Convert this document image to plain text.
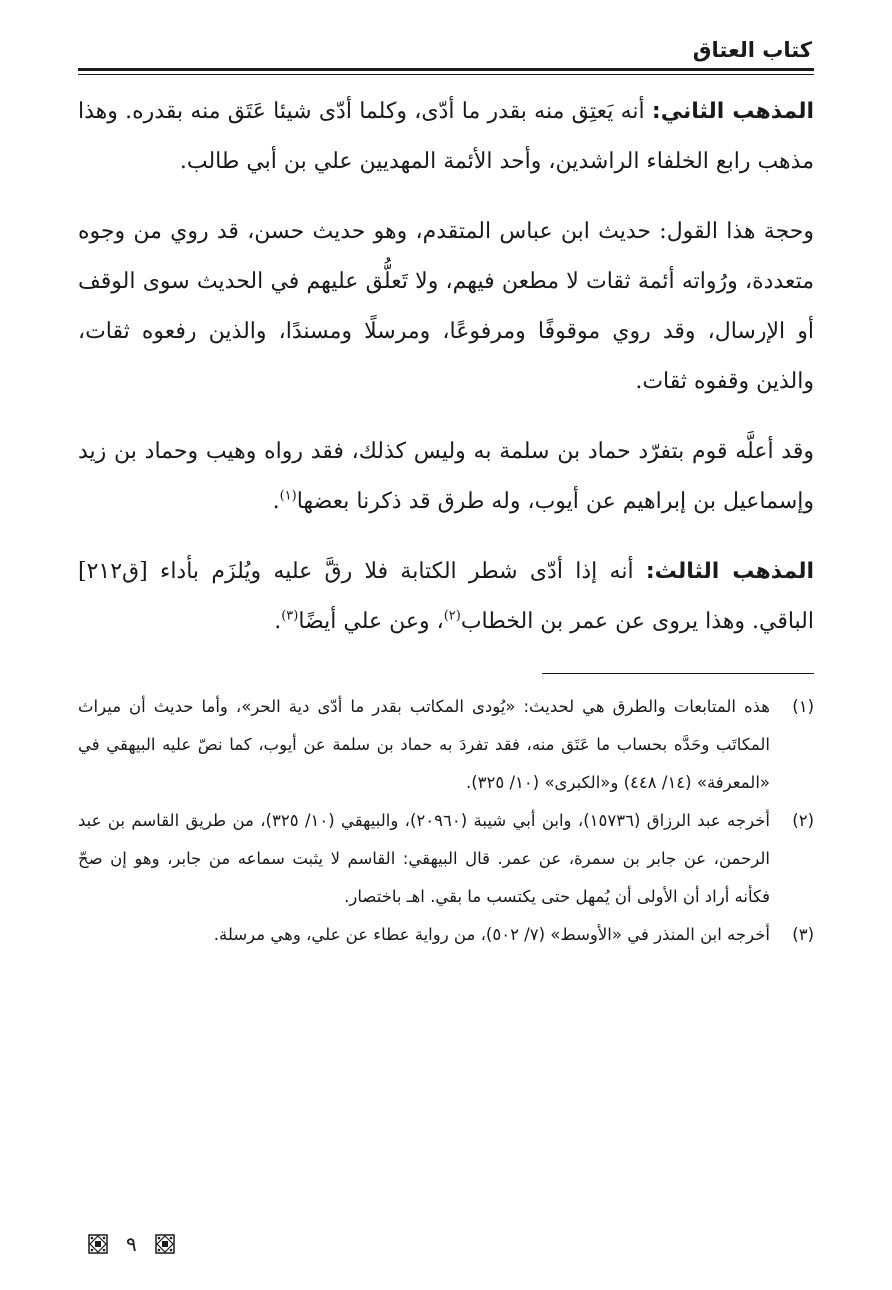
كتاب العتاق

المذهب الثاني: أنه يَعتِق منه بقدر ما أدّى، وكلما أدّى شيئا عَتَق منه بقدره. وهذا مذهب رابع الخلفاء الراشدين، وأحد الأئمة المهديين علي بن أبي طالب.

وحجة هذا القول: حديث ابن عباس المتقدم، وهو حديث حسن، قد روي من وجوه متعددة، ورُواته أئمة ثقات لا مطعن فيهم، ولا تَعلُّق عليهم في الحديث سوى الوقف أو الإرسال، وقد روي موقوفًا ومرفوعًا، ومرسلًا ومسندًا، والذين رفعوه ثقات، والذين وقفوه ثقات.

وقد أعلَّه قوم بتفرّد حماد بن سلمة به وليس كذلك، فقد رواه وهيب وحماد بن زيد وإسماعيل بن إبراهيم عن أيوب، وله طرق قد ذكرنا بعضها$^{(١)}$.

المذهب الثالث: أنه إذا أدّى شطر الكتابة فلا رقَّ عليه ويُلزَم بأداء [ق٢١٢] الباقي. وهذا يروى عن عمر بن الخطاب$^{(٢)}$، وعن علي أيضًا$^{(٣)}$.

(١)
هذه المتابعات والطرق هي لحديث: «يُودى المكاتب بقدر ما أدّى دية الحر»، وأما حديث أن ميراث المكاتَب وحَدَّه بحساب ما عَتَق منه، فقد تفردَ به حماد بن سلمة عن أيوب، كما نصّ عليه البيهقي في «المعرفة» (١٤/ ٤٤٨) و«الكبرى» (١٠/ ٣٢٥).
(٢)
أخرجه عبد الرزاق (١٥٧٣٦)، وابن أبي شيبة (٢٠٩٦٠)، والبيهقي (١٠/ ٣٢٥)، من طريق القاسم بن عبد الرحمن، عن جابر بن سمرة، عن عمر. قال البيهقي: القاسم لا يثبت سماعه من جابر، وهو إن صحّ فكأنه أراد أن الأولى أن يُمهل حتى يكتسب ما بقي. اهـ باختصار.
(٣)
أخرجه ابن المنذر في «الأوسط» (٧/ ٥٠٢)، من رواية عطاء عن علي، وهي مرسلة.
٩
